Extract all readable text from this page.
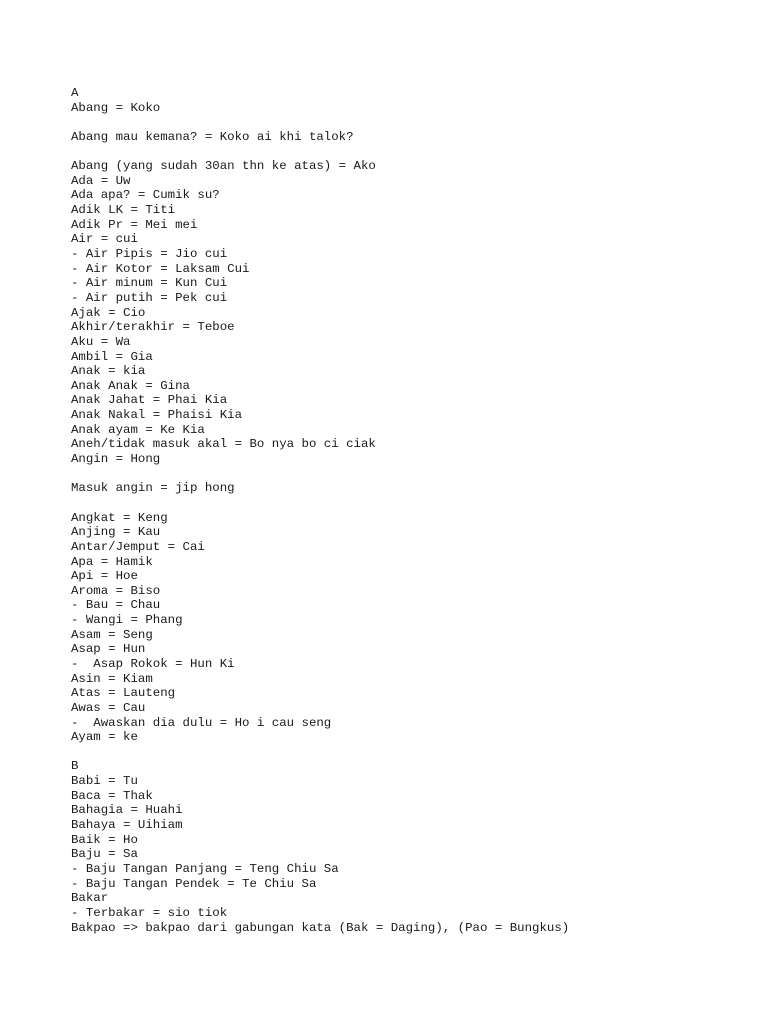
A
Abang = Koko
Abang mau kemana? = Koko ai khi talok?
Abang (yang sudah 30an thn ke atas) = Ako
Ada = Uw
Ada apa? = Cumik su?
Adik LK = Titi
Adik Pr = Mei mei
Air = cui
- Air Pipis = Jio cui
- Air Kotor = Laksam Cui
- Air minum = Kun Cui
- Air putih = Pek cui
Ajak = Cio
Akhir/terakhir = Teboe
Aku = Wa
Ambil = Gia
Anak = kia
Anak Anak = Gina
Anak Jahat = Phai Kia
Anak Nakal = Phaisi Kia
Anak ayam = Ke Kia
Aneh/tidak masuk akal = Bo nya bo ci ciak
Angin = Hong
Masuk angin = jip hong
Angkat = Keng
Anjing = Kau
Antar/Jemput = Cai
Apa = Hamik
Api = Hoe
Aroma = Biso
- Bau = Chau
- Wangi = Phang
Asam = Seng
Asap = Hun
-  Asap Rokok = Hun Ki
Asin = Kiam
Atas = Lauteng
Awas = Cau
-  Awaskan dia dulu = Ho i cau seng
Ayam = ke
B
Babi = Tu
Baca = Thak
Bahagia = Huahi
Bahaya = Uihiam
Baik = Ho
Baju = Sa
- Baju Tangan Panjang = Teng Chiu Sa
- Baju Tangan Pendek = Te Chiu Sa
Bakar
- Terbakar = sio tiok
Bakpao => bakpao dari gabungan kata (Bak = Daging), (Pao = Bungkus)
